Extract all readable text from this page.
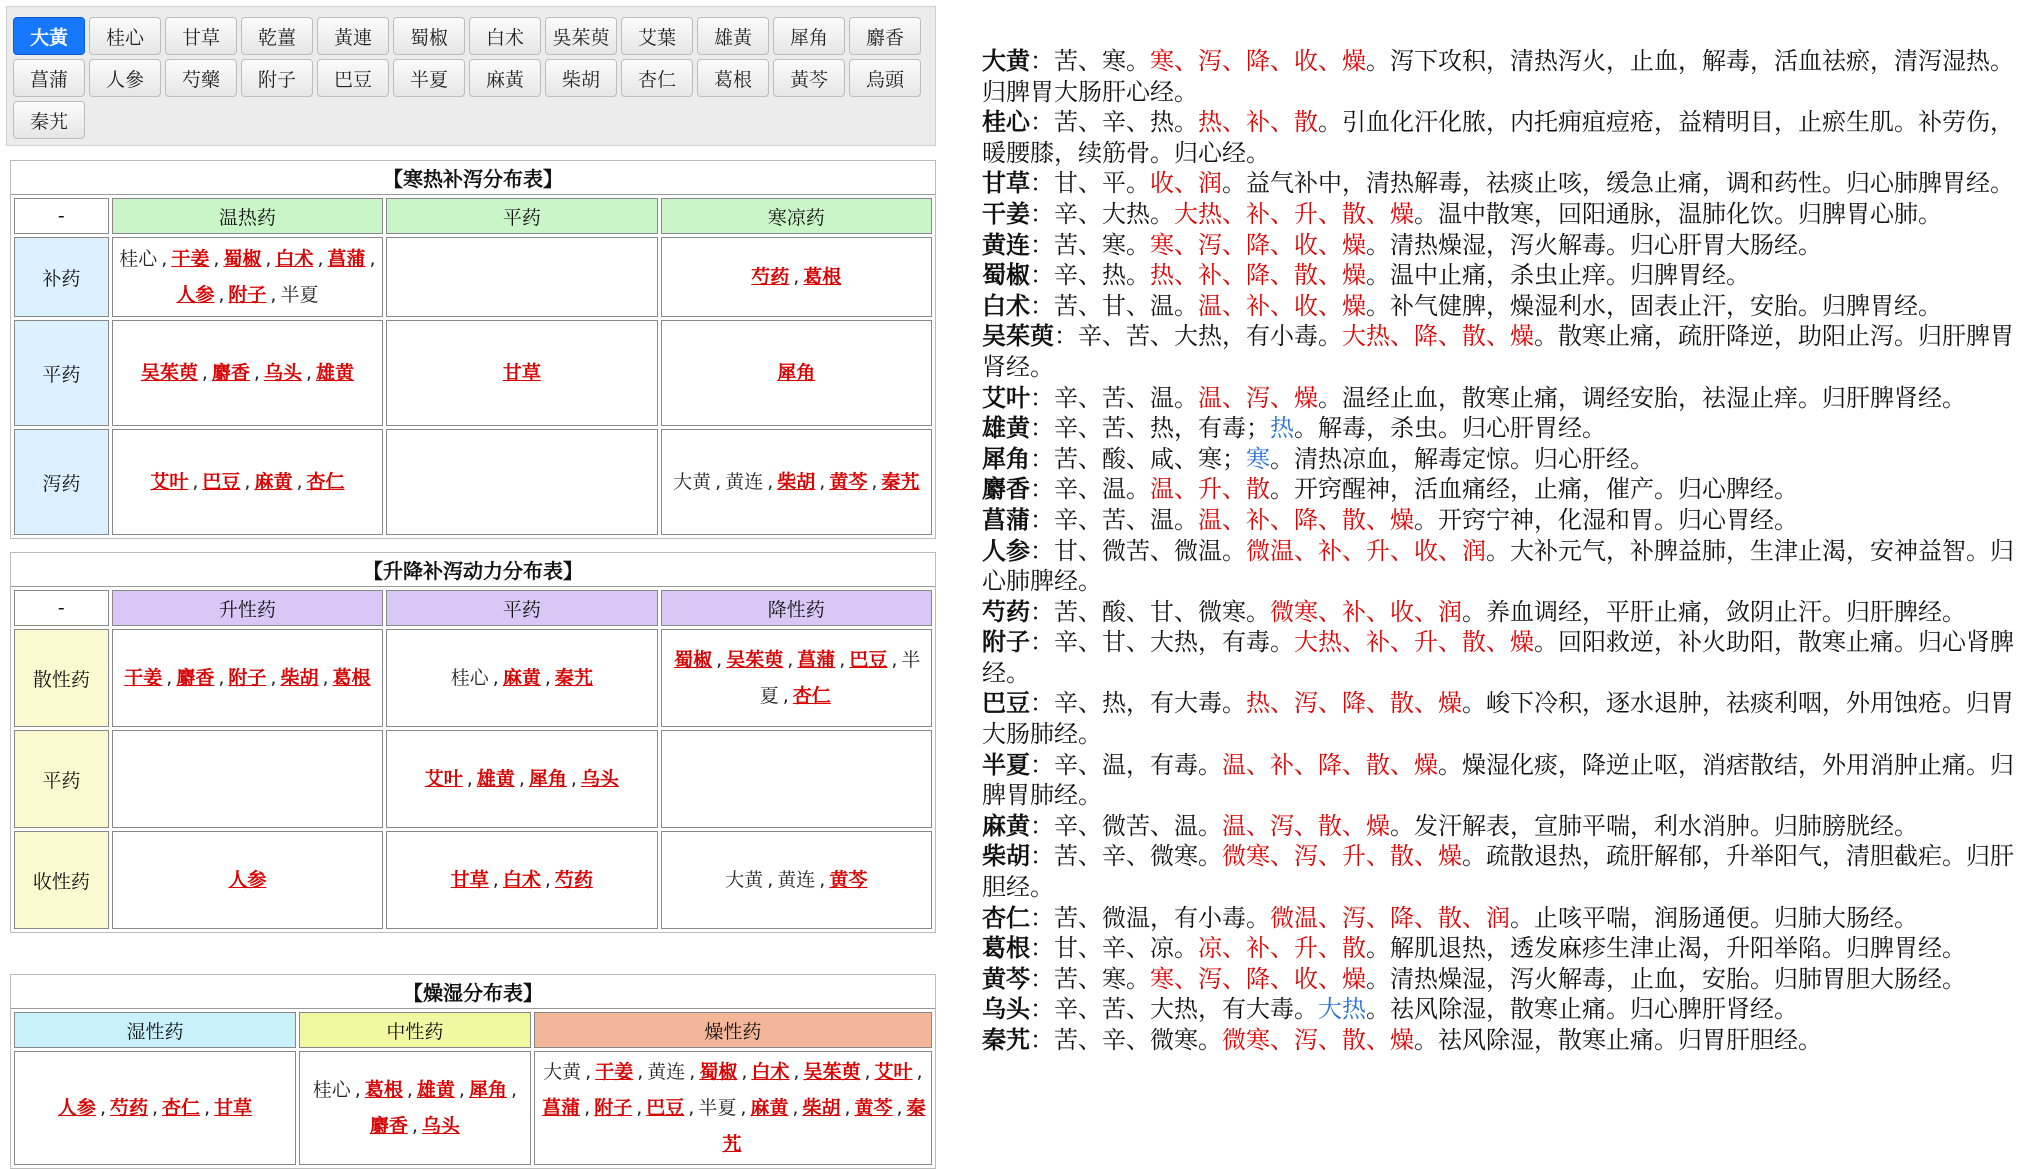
大黃	桂心	甘草	乾薑	黃連	蜀椒	白术	吳茱萸	艾葉	雄黃	犀角	麝香
菖蒲	人參	芍藥	附子	巴豆	半夏	麻黃	柴胡	杏仁	葛根	黃芩	烏頭
秦艽
【寒热补泻分布表】
-	温热药	平药	寒凉药
补药	桂心 , 干姜 , 蜀椒 , 白术 , 菖蒲 ,人参 , 附子 , 半夏		芍药 , 葛根
平药	吴茱萸 , 麝香 , 乌头 , 雄黄	甘草	犀角
泻药	艾叶 , 巴豆 , 麻黄 , 杏仁		大黄 , 黄连 , 柴胡 , 黄芩 , 秦艽
【升降补泻动力分布表】
-	升性药	平药	降性药
散性药	干姜 , 麝香 , 附子 , 柴胡 , 葛根	桂心 , 麻黄 , 秦艽	蜀椒 , 吴茱萸 , 菖蒲 , 巴豆 , 半夏 , 杏仁
平药		艾叶 , 雄黄 , 犀角 , 乌头	
收性药	人参	甘草 , 白术 , 芍药	大黄 , 黄连 , 黄芩
【燥湿分布表】
湿性药	中性药	燥性药
人参 , 芍药 , 杏仁 , 甘草	桂心 , 葛根 , 雄黄 , 犀角 ,麝香 , 乌头	大黄 , 干姜 , 黄连 , 蜀椒 , 白术 , 吴茱萸 , 艾叶 ,菖蒲 , 附子 , 巴豆 , 半夏 , 麻黄 , 柴胡 , 黄芩 , 秦艽

大黄：苦、寒。寒、泻、降、收、燥。泻下攻积，清热泻火，止血，解毒，活血祛瘀，清泻湿热。归脾胃大肠肝心经。

桂心：苦、辛、热。热、补、散。引血化汗化脓，内托痈疽痘疮，益精明目，止瘀生肌。补劳伤，暖腰膝，续筋骨。归心经。

甘草：甘、平。收、润。益气补中，清热解毒，祛痰止咳，缓急止痛，调和药性。归心肺脾胃经。

干姜：辛、大热。大热、补、升、散、燥。温中散寒，回阳通脉，温肺化饮。归脾胃心肺。

黄连：苦、寒。寒、泻、降、收、燥。清热燥湿，泻火解毒。归心肝胃大肠经。

蜀椒：辛、热。热、补、降、散、燥。温中止痛，杀虫止痒。归脾胃经。

白术：苦、甘、温。温、补、收、燥。补气健脾，燥湿利水，固表止汗，安胎。归脾胃经。

吴茱萸：辛、苦、大热，有小毒。大热、降、散、燥。散寒止痛，疏肝降逆，助阳止泻。归肝脾胃肾经。

艾叶：辛、苦、温。温、泻、燥。温经止血，散寒止痛，调经安胎，祛湿止痒。归肝脾肾经。

雄黄：辛、苦、热，有毒；热。解毒，杀虫。归心肝胃经。

犀角：苦、酸、咸、寒；寒。清热凉血，解毒定惊。归心肝经。

麝香：辛、温。温、升、散。开窍醒神，活血痛经，止痛，催产。归心脾经。

菖蒲：辛、苦、温。温、补、降、散、燥。开窍宁神，化湿和胃。归心胃经。

人参：甘、微苦、微温。微温、补、升、收、润。大补元气，补脾益肺，生津止渴，安神益智。归心肺脾经。

芍药：苦、酸、甘、微寒。微寒、补、收、润。养血调经，平肝止痛，敛阴止汗。归肝脾经。

附子：辛、甘、大热，有毒。大热、补、升、散、燥。回阳救逆，补火助阳，散寒止痛。归心肾脾经。

巴豆：辛、热，有大毒。热、泻、降、散、燥。峻下冷积，逐水退肿，祛痰利咽，外用蚀疮。归胃大肠肺经。

半夏：辛、温，有毒。温、补、降、散、燥。燥湿化痰，降逆止呕，消痞散结，外用消肿止痛。归脾胃肺经。

麻黄：辛、微苦、温。温、泻、散、燥。发汗解表，宣肺平喘，利水消肿。归肺膀胱经。

柴胡：苦、辛、微寒。微寒、泻、升、散、燥。疏散退热，疏肝解郁，升举阳气，清胆截疟。归肝胆经。

杏仁：苦、微温，有小毒。微温、泻、降、散、润。止咳平喘，润肠通便。归肺大肠经。

葛根：甘、辛、凉。凉、补、升、散。解肌退热，透发麻疹生津止渴，升阳举陷。归脾胃经。

黄芩：苦、寒。寒、泻、降、收、燥。清热燥湿，泻火解毒，止血，安胎。归肺胃胆大肠经。

乌头：辛、苦、大热，有大毒。大热。祛风除湿，散寒止痛。归心脾肝肾经。

秦艽：苦、辛、微寒。微寒、泻、散、燥。祛风除湿，散寒止痛。归胃肝胆经。
